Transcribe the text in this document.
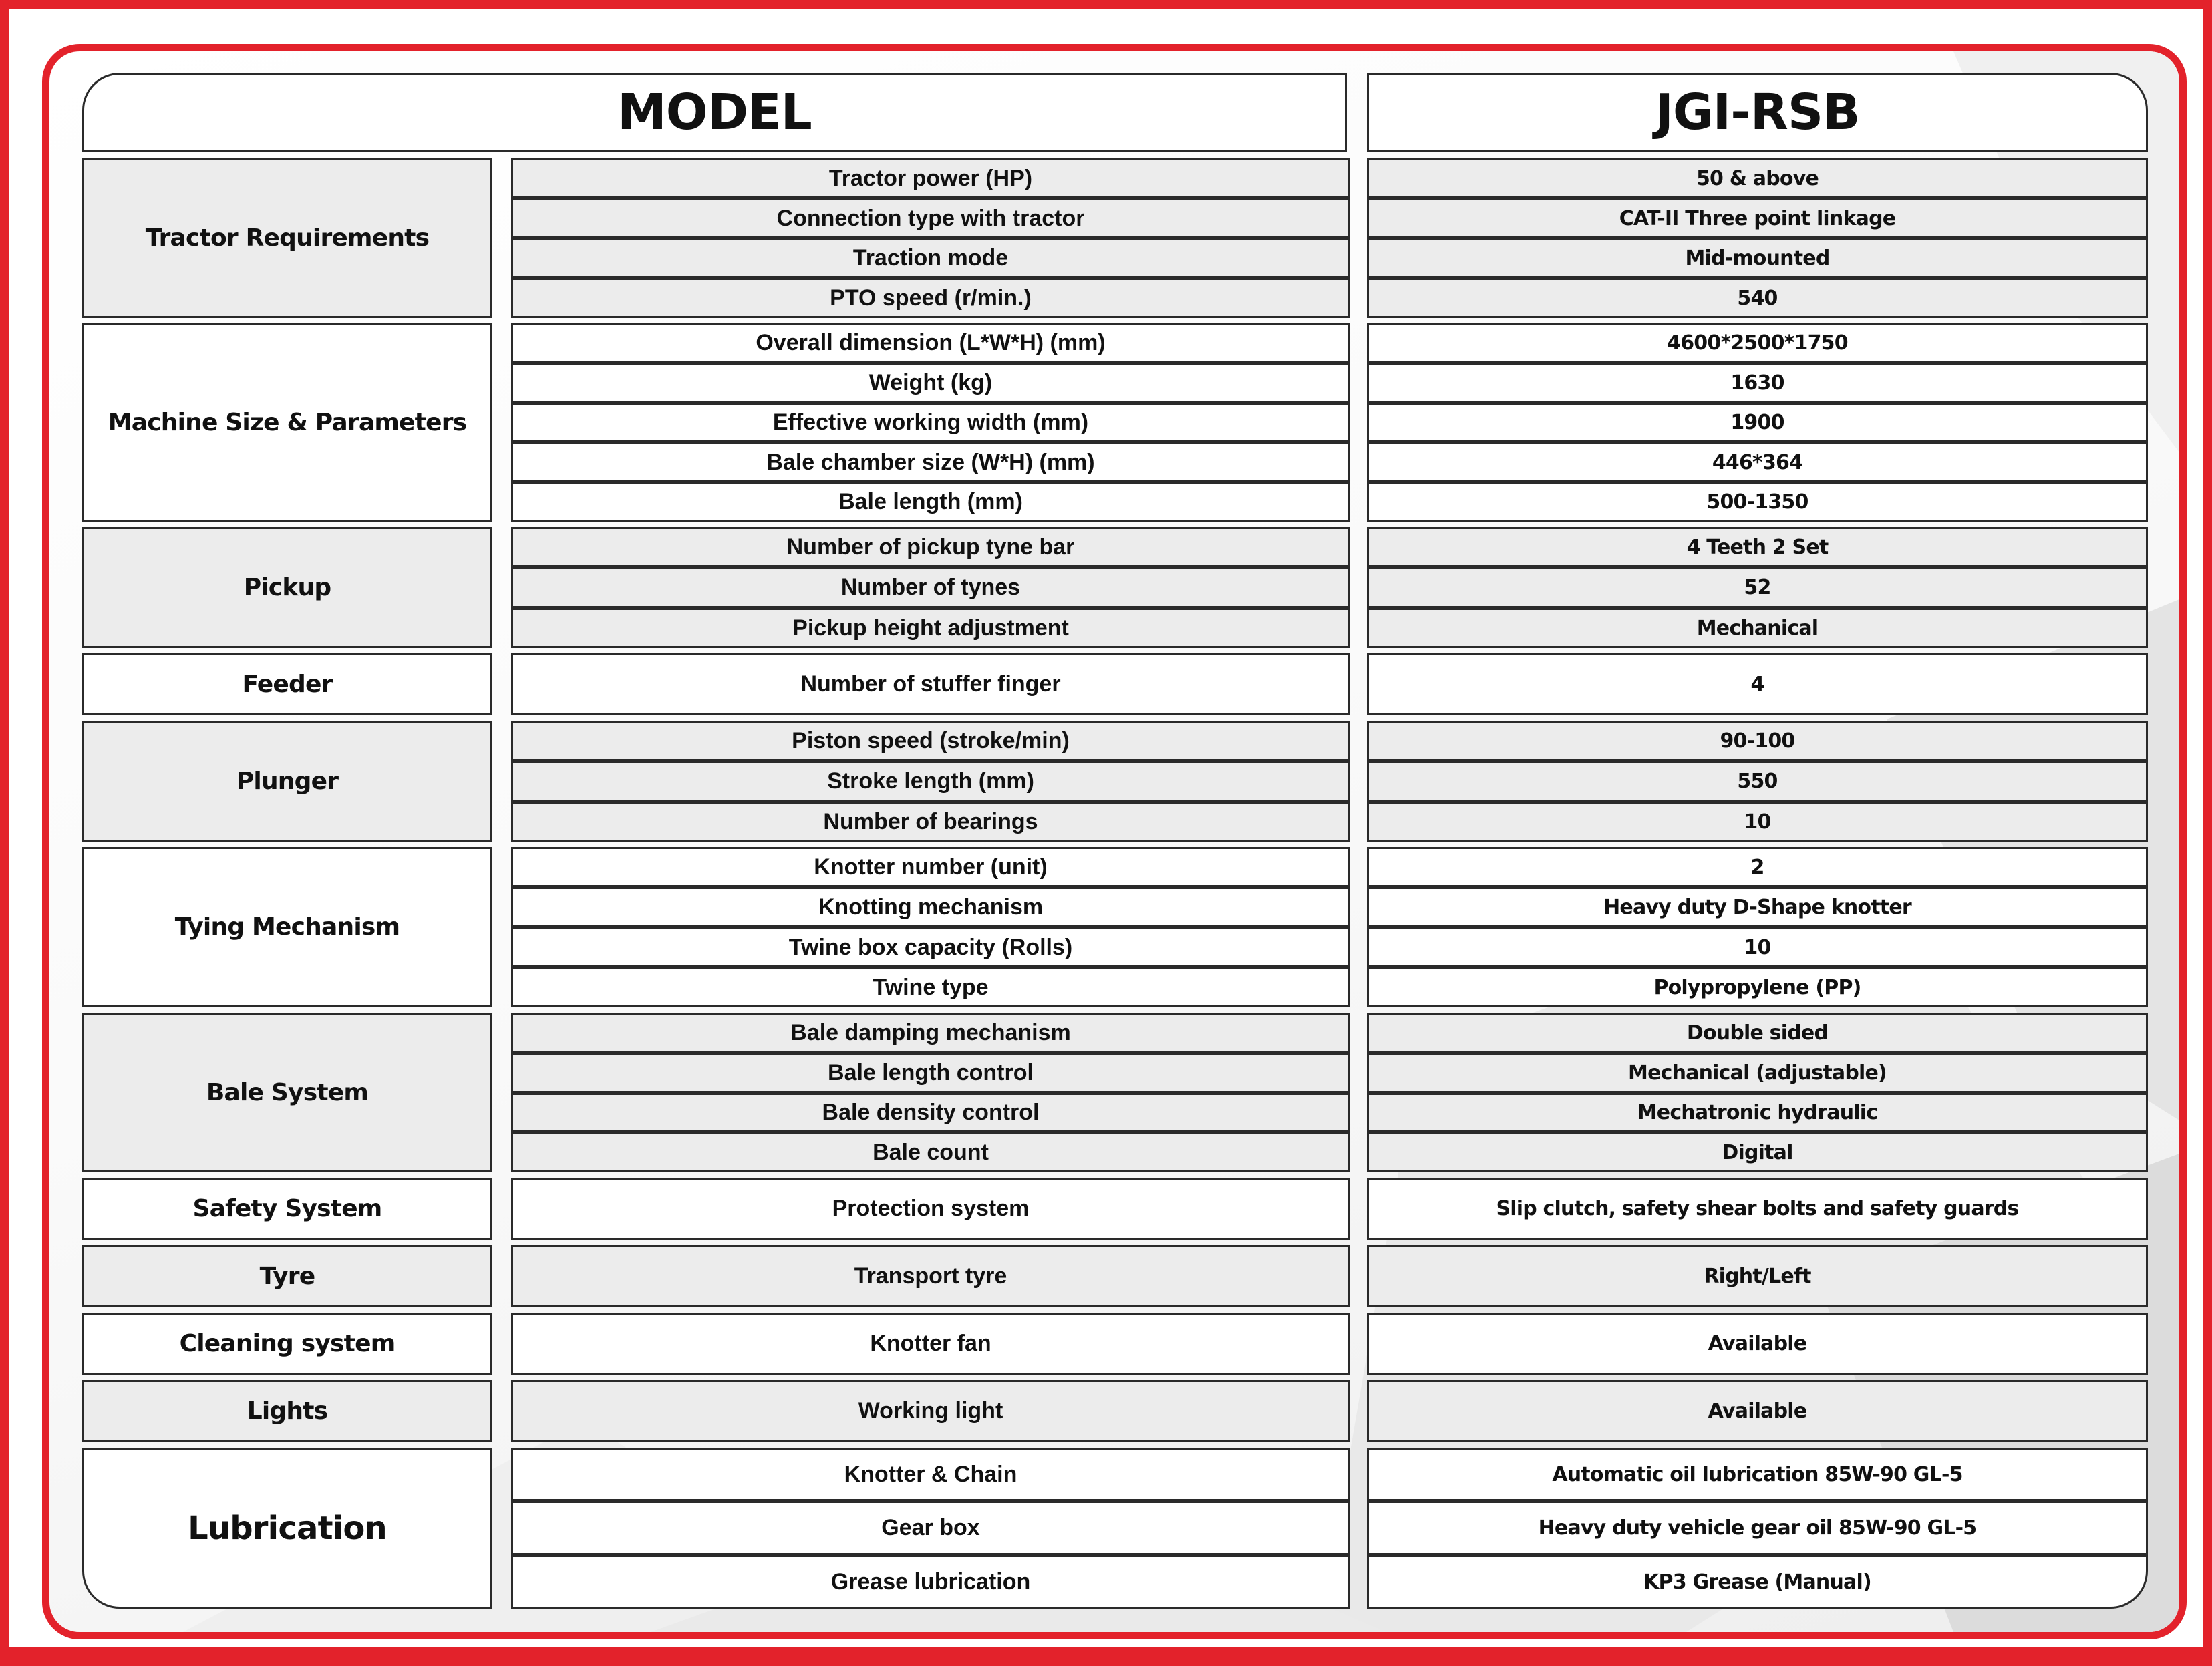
MODEL	JGI-RSB
Tractor Requirements
Tractor power (HP)	50 & above
Connection type with tractor	CAT-II Three point linkage
Traction mode	Mid-mounted
PTO speed (r/min.)	540
Machine Size & Parameters
Overall dimension (L*W*H) (mm)	4600*2500*1750
Weight (kg)	1630
Effective working width (mm)	1900
Bale chamber size (W*H) (mm)	446*364
Bale length (mm)	500-1350
Pickup
Number of pickup tyne bar	4 Teeth 2 Set
Number of tynes	52
Pickup height adjustment	Mechanical
Feeder	Number of stuffer finger	4
Plunger
Piston speed (stroke/min)	90-100
Stroke length (mm)	550
Number of bearings	10
Tying Mechanism
Knotter number (unit)	2
Knotting mechanism	Heavy duty D-Shape knotter
Twine box capacity (Rolls)	10
Twine type	Polypropylene (PP)
Bale System
Bale damping mechanism	Double sided
Bale length control	Mechanical (adjustable)
Bale density control	Mechatronic hydraulic
Bale count	Digital
Safety System	Protection system	Slip clutch, safety shear bolts and safety guards
Tyre	Transport tyre	Right/Left
Cleaning system	Knotter fan	Available
Lights	Working light	Available
Lubrication
Knotter & Chain	Automatic oil lubrication 85W-90 GL-5
Gear box	Heavy duty vehicle gear oil 85W-90 GL-5
Grease lubrication	KP3 Grease (Manual)
